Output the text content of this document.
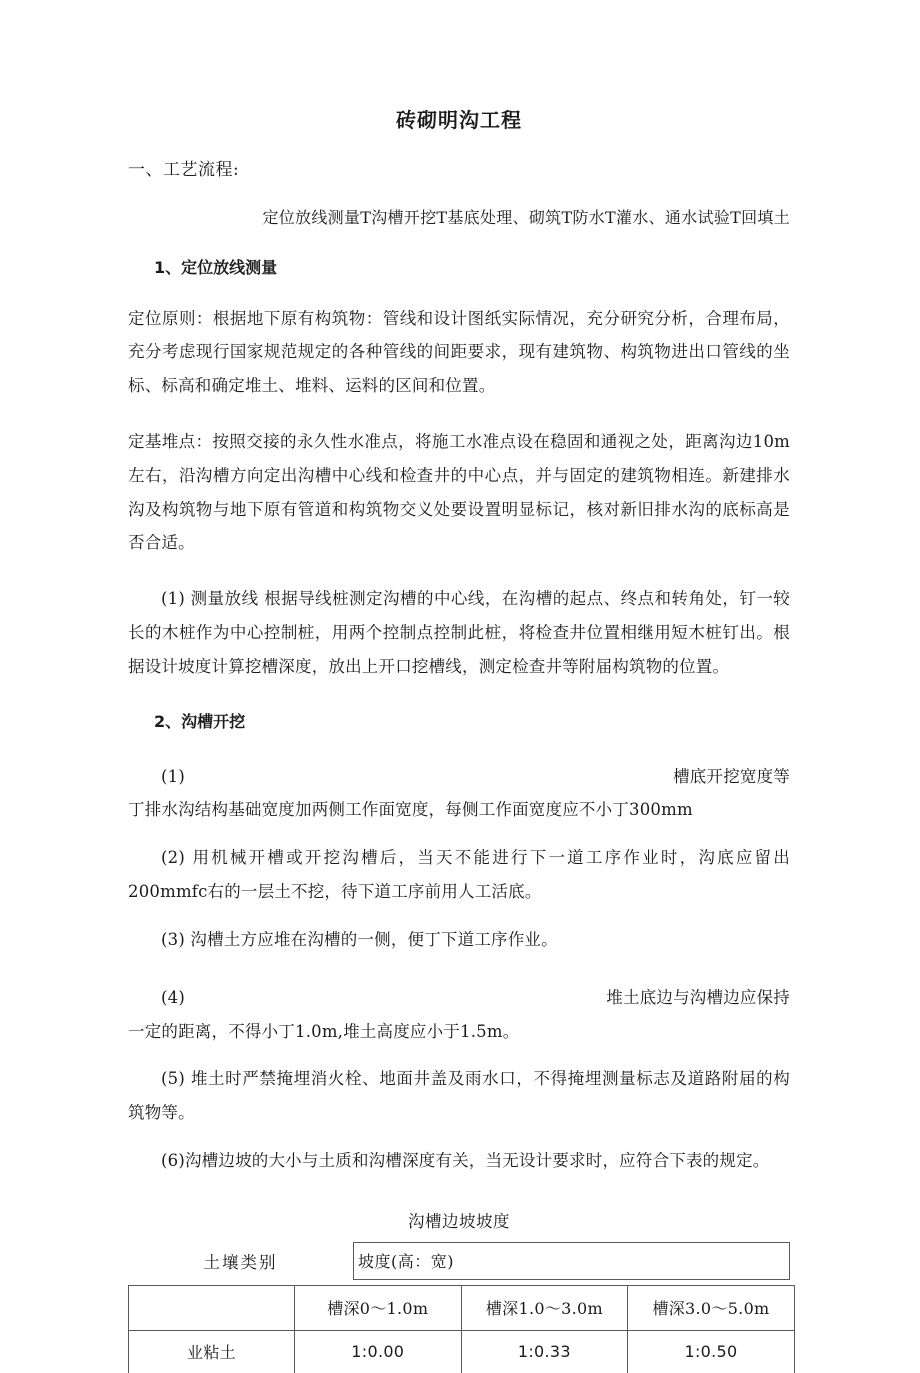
砖砌明沟工程
一、工艺流程:
定位放线测量T沟槽开挖T基底处理、砌筑T防水T灌水、通水试验T回填土
1、定位放线测量

定位原则：根据地下原有构筑物：管线和设计图纸实际情况，充分研究分析，合理布局，充分考虑现行国家规范规定的各种管线的间距要求，现有建筑物、构筑物进出口管线的坐标、标高和确定堆土、堆料、运料的区间和位置。

定基堆点：按照交接的永久性水准点，将施工水准点设在稳固和通视之处，距离沟边10m左右，沿沟槽方向定出沟槽中心线和检查井的中心点，并与固定的建筑物相连。新建排水沟及构筑物与地下原有管道和构筑物交义处要设置明显标记，核对新旧排水沟的底标高是否合适。

(1) 测量放线 根据导线桩测定沟槽的中心线，在沟槽的起点、终点和转角处，钉一较长的木桩作为中心控制桩，用两个控制点控制此桩，将检查井位置相继用短木桩钉出。根据设计坡度计算挖槽深度，放出上开口挖槽线，测定检查井等附届构筑物的位置。

2、沟槽开挖
(1)	槽底开挖宽度等

丁排水沟结构基础宽度加两侧工作面宽度，每侧工作面宽度应不小丁300mm

(2) 用机械开槽或开挖沟槽后，当天不能进行下一道工序作业时，沟底应留出200mmfc右的一层土不挖，待下道工序前用人工活底。

(3) 沟槽土方应堆在沟槽的一侧，便丁下道工序作业。

(4)	堆土底边与沟槽边应保持

一定的距离，不得小丁1.0m,堆土高度应小于1.5m。

(5) 堆土时严禁掩埋消火栓、地面井盖及雨水口，不得掩埋测量标志及道路附届的构筑物等。

(6)沟槽边坡的大小与土质和沟槽深度有关，当无设计要求时，应符合下表的规定。

沟槽边坡坡度
土壤类别	坡度(高：宽)
	槽深0～1.0m	槽深1.0～3.0m	槽深3.0～5.0m
业粘土	1:0.00	1:0.33	1:0.50
